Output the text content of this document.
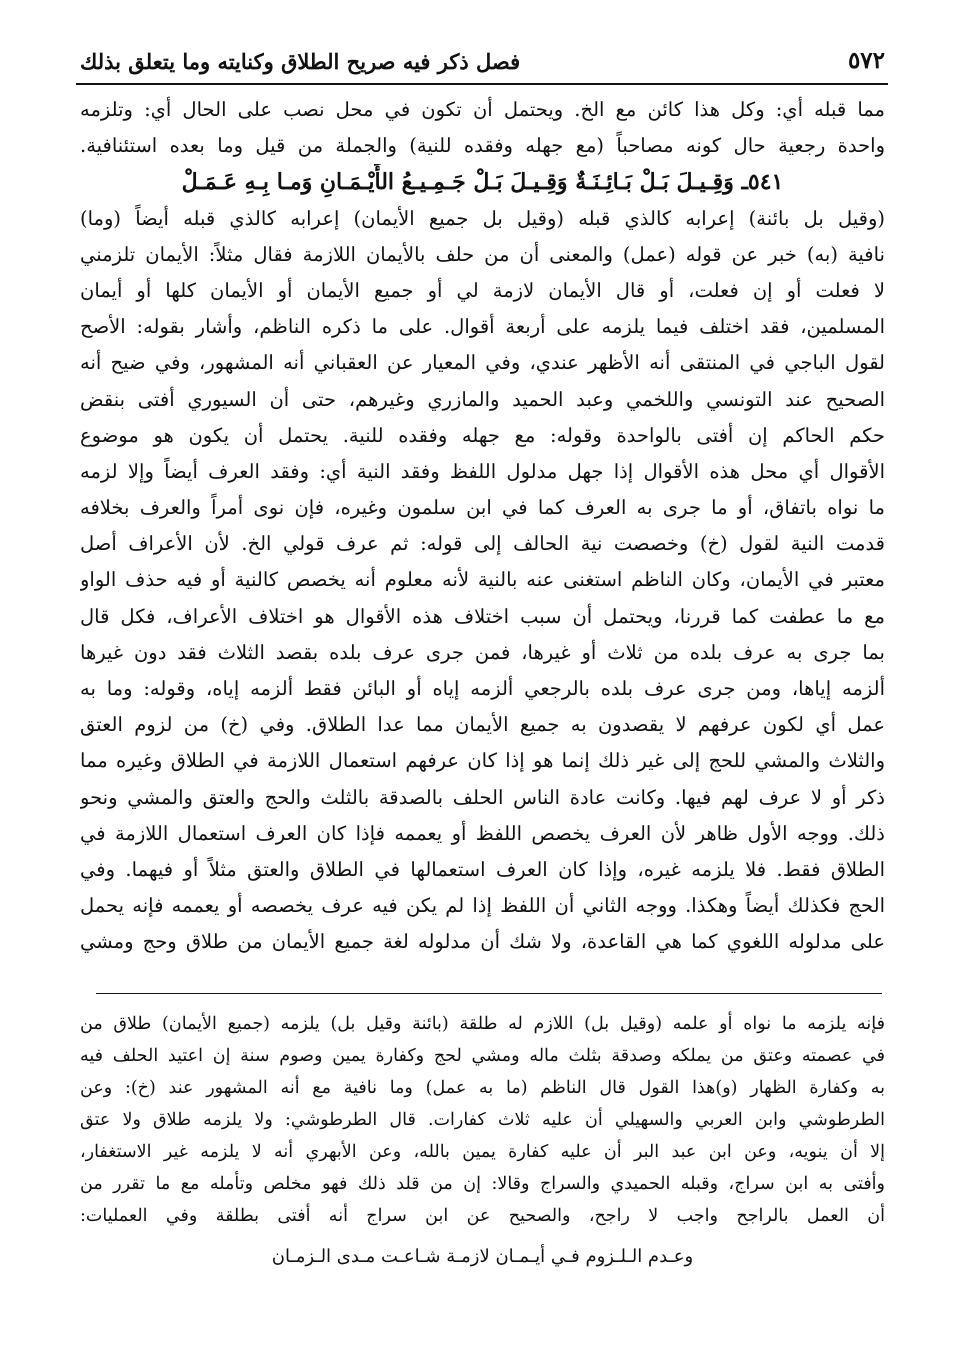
٥٧٢
فصل ذكر فيه صريح الطلاق وكنايته وما يتعلق بذلك
مما قبله أي: وكل هذا كائن مع الخ. ويحتمل أن تكون في محل نصب على الحال أي: وتلزمه
واحدة رجعية حال كونه مصاحباً (مع جهله وفقده للنية) والجملة من قيل وما بعده استئنافية.
٥٤١ـ وَقِـيـلَ بَـلْ بَـائِـنَـةٌ وَقِـيـلَ بَـلْ جَـمِـيـعُ الأَيْـمَـانِ وَمـا بِـهِ عَـمَـلْ
(وقيل بل بائنة) إعرابه كالذي قبله (وقيل بل جميع الأيمان) إعرابه كالذي قبله أيضاً (وما)
نافية (به) خبر عن قوله (عمل) والمعنى أن من حلف بالأيمان اللازمة فقال مثلاً: الأيمان تلزمني
لا فعلت أو إن فعلت، أو قال الأيمان لازمة لي أو جميع الأيمان أو الأيمان كلها أو أيمان
المسلمين، فقد اختلف فيما يلزمه على أربعة أقوال. على ما ذكره الناظم، وأشار بقوله: الأصح
لقول الباجي في المنتقى أنه الأظهر عندي، وفي المعيار عن العقباني أنه المشهور، وفي ضيح أنه
الصحيح عند التونسي واللخمي وعبد الحميد والمازري وغيرهم، حتى أن السيوري أفتى بنقض
حكم الحاكم إن أفتى بالواحدة وقوله: مع جهله وفقده للنية. يحتمل أن يكون هو موضوع
الأقوال أي محل هذه الأقوال إذا جهل مدلول اللفظ وفقد النية أي: وفقد العرف أيضاً وإلا لزمه
ما نواه باتفاق، أو ما جرى به العرف كما في ابن سلمون وغيره، فإن نوى أمراً والعرف بخلافه
قدمت النية لقول (خ) وخصصت نية الحالف إلى قوله: ثم عرف قولي الخ. لأن الأعراف أصل
معتبر في الأيمان، وكان الناظم استغنى عنه بالنية لأنه معلوم أنه يخصص كالنية أو فيه حذف الواو
مع ما عطفت كما قررنا، ويحتمل أن سبب اختلاف هذه الأقوال هو اختلاف الأعراف، فكل قال
بما جرى به عرف بلده من ثلاث أو غيرها، فمن جرى عرف بلده بقصد الثلاث فقد دون غيرها
ألزمه إياها، ومن جرى عرف بلده بالرجعي ألزمه إياه أو البائن فقط ألزمه إياه، وقوله: وما به
عمل أي لكون عرفهم لا يقصدون به جميع الأيمان مما عدا الطلاق. وفي (خ) من لزوم العتق
والثلاث والمشي للحج إلى غير ذلك إنما هو إذا كان عرفهم استعمال اللازمة في الطلاق وغيره مما
ذكر أو لا عرف لهم فيها. وكانت عادة الناس الحلف بالصدقة بالثلث والحج والعتق والمشي ونحو
ذلك. ووجه الأول ظاهر لأن العرف يخصص اللفظ أو يعممه فإذا كان العرف استعمال اللازمة في
الطلاق فقط. فلا يلزمه غيره، وإذا كان العرف استعمالها في الطلاق والعتق مثلاً أو فيهما. وفي
الحج فكذلك أيضاً وهكذا. ووجه الثاني أن اللفظ إذا لم يكن فيه عرف يخصصه أو يعممه فإنه يحمل
على مدلوله اللغوي كما هي القاعدة، ولا شك أن مدلوله لغة جميع الأيمان من طلاق وحج ومشي
فإنه يلزمه ما نواه أو علمه (وقيل بل) اللازم له طلقة (بائنة وقيل بل) يلزمه (جميع الأيمان) طلاق من
في عصمته وعتق من يملكه وصدقة بثلث ماله ومشي لحج وكفارة يمين وصوم سنة إن اعتيد الحلف فيه
به وكفارة الظهار (و)هذا القول قال الناظم (ما به عمل) وما نافية مع أنه المشهور عند (خ): وعن
الطرطوشي وابن العربي والسهيلي أن عليه ثلاث كفارات. قال الطرطوشي: ولا يلزمه طلاق ولا عتق
إلا أن ينويه، وعن ابن عبد البر أن عليه كفارة يمين بالله، وعن الأبهري أنه لا يلزمه غير الاستغفار،
وأفتى به ابن سراج، وقبله الحميدي والسراج وقالا: إن من قلد ذلك فهو مخلص وتأمله مع ما تقرر من
أن العمل بالراجح واجب لا راجح، والصحيح عن ابن سراج أنه أفتى بطلقة وفي العمليات:
وعـدم الـلـزوم فـي أيـمـان لازمـة شـاعـت مـدى الـزمـان
